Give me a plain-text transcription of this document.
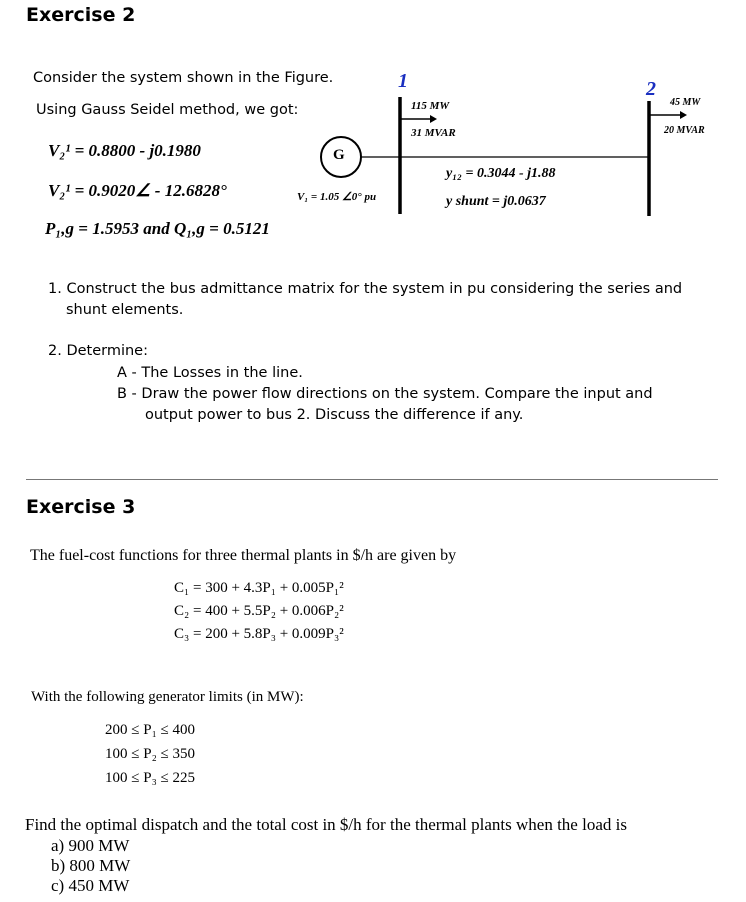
Exercise 2
Consider the system shown in the Figure.
Using Gauss Seidel method, we got:
V₂¹ = 0.8800 - j0.1980
V₂¹ = 0.9020∠ - 12.6828°
P₁,g = 1.5953 and Q₁,g = 0.5121
G
1	2
V₁ = 1.05 ∠0° pu
115 MW
31 MVAR
45 MW
20 MVAR
y₁₂ = 0.3044 - j1.88
y shunt = j0.0637
1. Construct the bus admittance matrix for the system in pu considering the series and
shunt elements.
2. Determine:
A - The Losses in the line.
B - Draw the power flow directions on the system. Compare the input and
output power to bus 2. Discuss the difference if any.
Exercise 3
The fuel-cost functions for three thermal plants in $/h are given by
C₁ = 300 + 4.3P₁ + 0.005P₁²
C₂ = 400 + 5.5P₂ + 0.006P₂²
C₃ = 200 + 5.8P₃ + 0.009P₃²
With the following generator limits (in MW):
200 ≤ P₁ ≤ 400
100 ≤ P₂ ≤ 350
100 ≤ P₃ ≤ 225
Find the optimal dispatch and the total cost in $/h for the thermal plants when the load is
a) 900 MW
b) 800 MW
c) 450 MW
